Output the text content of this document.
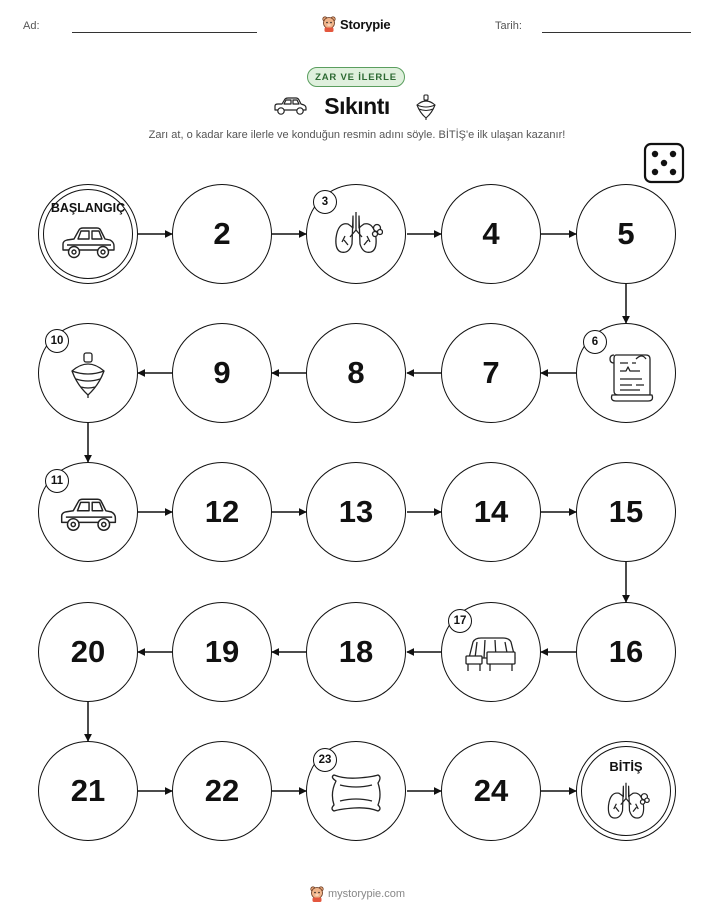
Ad:	Storypie	Tarih:
ZAR VE İLERLE
Sıkıntı
Zarı at, o kadar kare ilerle ve konduğun resmin adını söyle. BİTİŞ'e ilk ulaşan kazanır!
BAŞLANGIÇ
2
3
4	5
10
9	8	7
6
11
12	13	14	15
20	19	18
17
16
21	22
23
24
BİTİŞ
mystorypie.com
